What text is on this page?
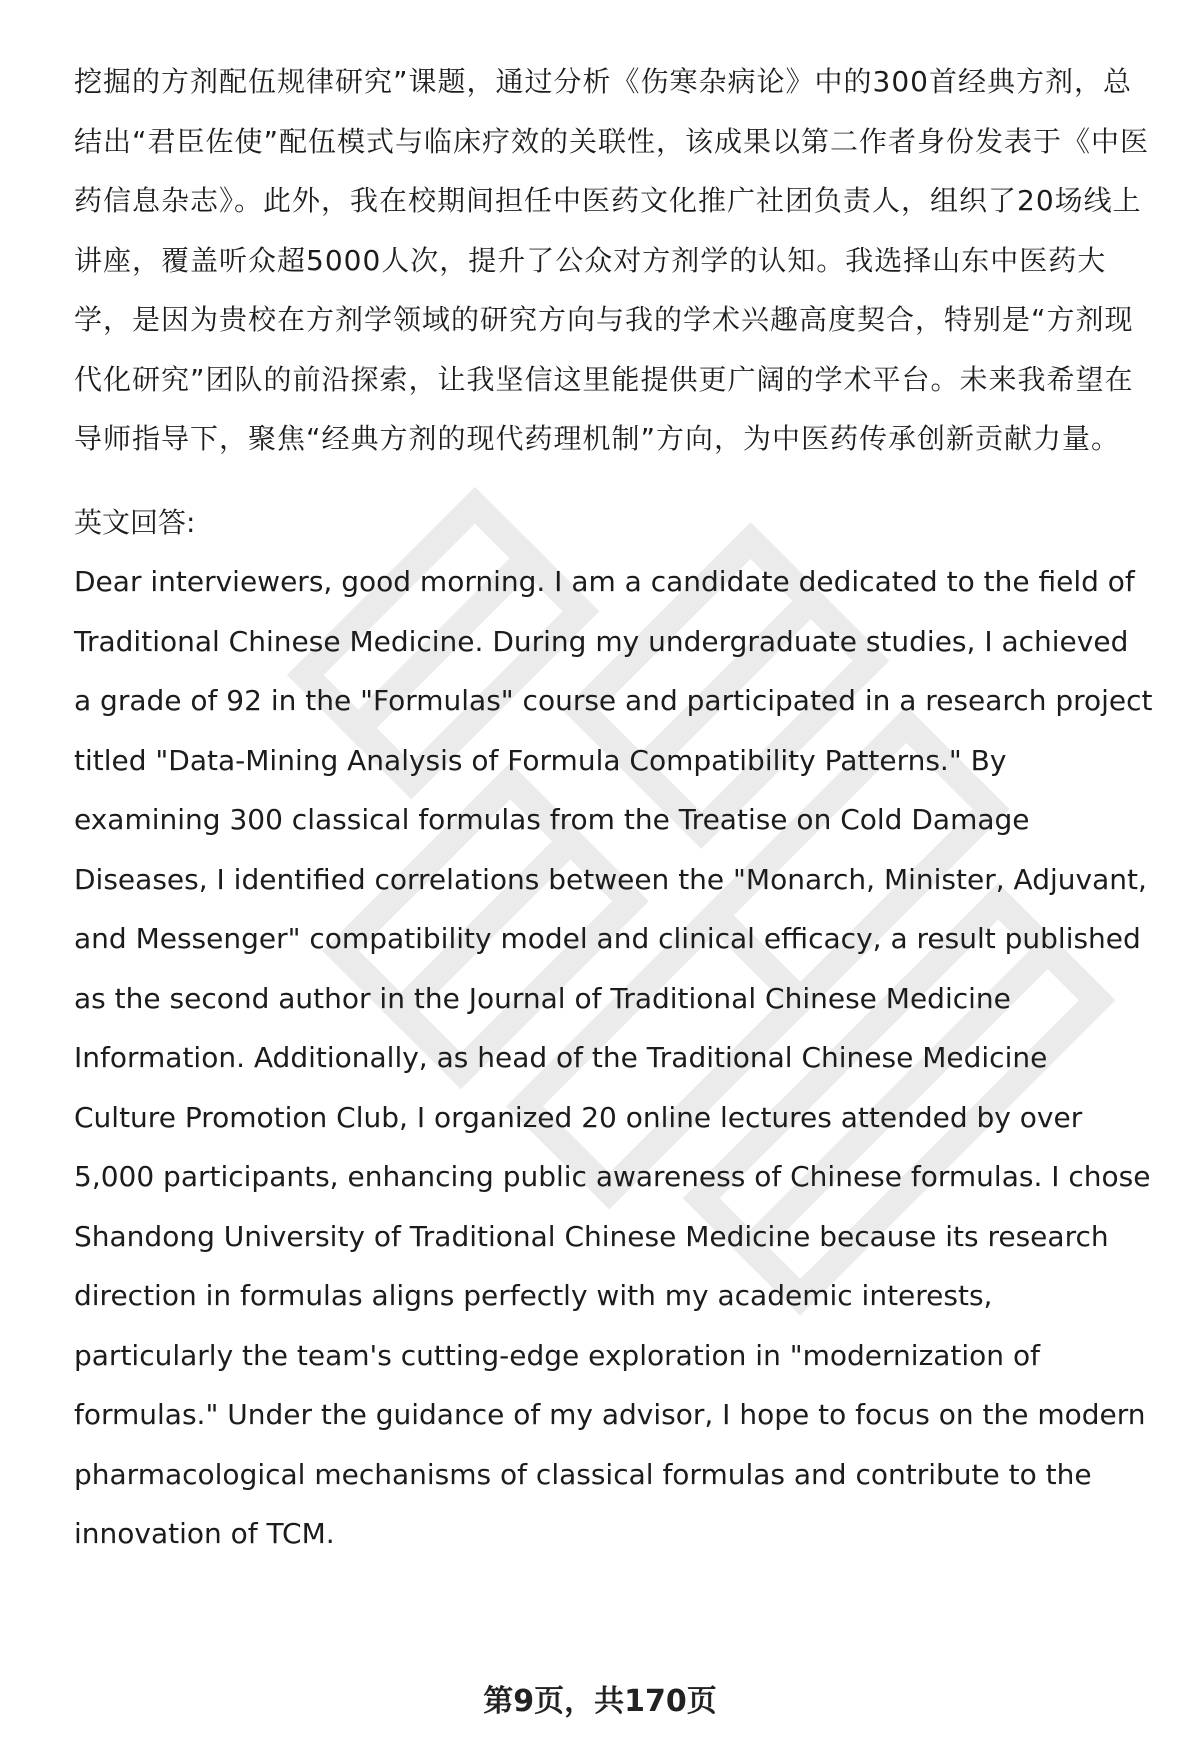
挖掘的方剂配伍规律研究”课题，通过分析《伤寒杂病论》中的300首经典方剂，总结出“君臣佐使”配伍模式与临床疗效的关联性，该成果以第二作者身份发表于《中医药信息杂志》。此外，我在校期间担任中医药文化推广社团负责人，组织了20场线上讲座，覆盖听众超5000人次，提升了公众对方剂学的认知。我选择山东中医药大学，是因为贵校在方剂学领域的研究方向与我的学术兴趣高度契合，特别是“方剂现代化研究”团队的前沿探索，让我坚信这里能提供更广阔的学术平台。未来我希望在导师指导下，聚焦“经典方剂的现代药理机制”方向，为中医药传承创新贡献力量。

英文回答:

Dear interviewers, good morning. I am a candidate dedicated to the field of Traditional Chinese Medicine. During my undergraduate studies, I achieved a grade of 92 in the "Formulas" course and participated in a research project titled "Data-Mining Analysis of Formula Compatibility Patterns." By examining 300 classical formulas from the Treatise on Cold Damage Diseases, I identified correlations between the "Monarch, Minister, Adjuvant, and Messenger" compatibility model and clinical efficacy, a result published as the second author in the Journal of Traditional Chinese Medicine Information. Additionally, as head of the Traditional Chinese Medicine Culture Promotion Club, I organized 20 online lectures attended by over 5,000 participants, enhancing public awareness of Chinese formulas. I chose Shandong University of Traditional Chinese Medicine because its research direction in formulas aligns perfectly with my academic interests, particularly the team's cutting-edge exploration in "modernization of formulas." Under the guidance of my advisor, I hope to focus on the modern pharmacological mechanisms of classical formulas and contribute to the innovation of TCM.

第9页，共170页
